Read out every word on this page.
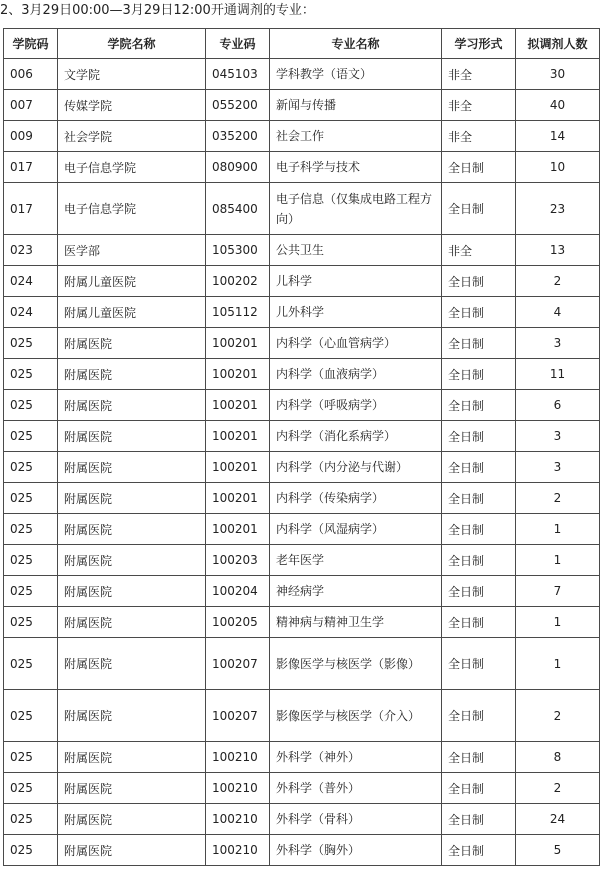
2、3月29日00:00—3月29日12:00开通调剂的专业：
学院码	学院名称	专业码	专业名称	学习形式	拟调剂人数
006	文学院	045103	学科教学（语文）	非全	30
007	传媒学院	055200	新闻与传播	非全	40
009	社会学院	035200	社会工作	非全	14
017	电子信息学院	080900	电子科学与技术	全日制	10
017	电子信息学院	085400	电子信息（仅集成电路工程方向）	全日制	23
023	医学部	105300	公共卫生	非全	13
024	附属儿童医院	100202	儿科学	全日制	2
024	附属儿童医院	105112	儿外科学	全日制	4
025	附属医院	100201	内科学（心血管病学）	全日制	3
025	附属医院	100201	内科学（血液病学）	全日制	11
025	附属医院	100201	内科学（呼吸病学）	全日制	6
025	附属医院	100201	内科学（消化系病学）	全日制	3
025	附属医院	100201	内科学（内分泌与代谢）	全日制	3
025	附属医院	100201	内科学（传染病学）	全日制	2
025	附属医院	100201	内科学（风湿病学）	全日制	1
025	附属医院	100203	老年医学	全日制	1
025	附属医院	100204	神经病学	全日制	7
025	附属医院	100205	精神病与精神卫生学	全日制	1
025	附属医院	100207	影像医学与核医学（影像）	全日制	1
025	附属医院	100207	影像医学与核医学（介入）	全日制	2
025	附属医院	100210	外科学（神外）	全日制	8
025	附属医院	100210	外科学（普外）	全日制	2
025	附属医院	100210	外科学（骨科）	全日制	24
025	附属医院	100210	外科学（胸外）	全日制	5
